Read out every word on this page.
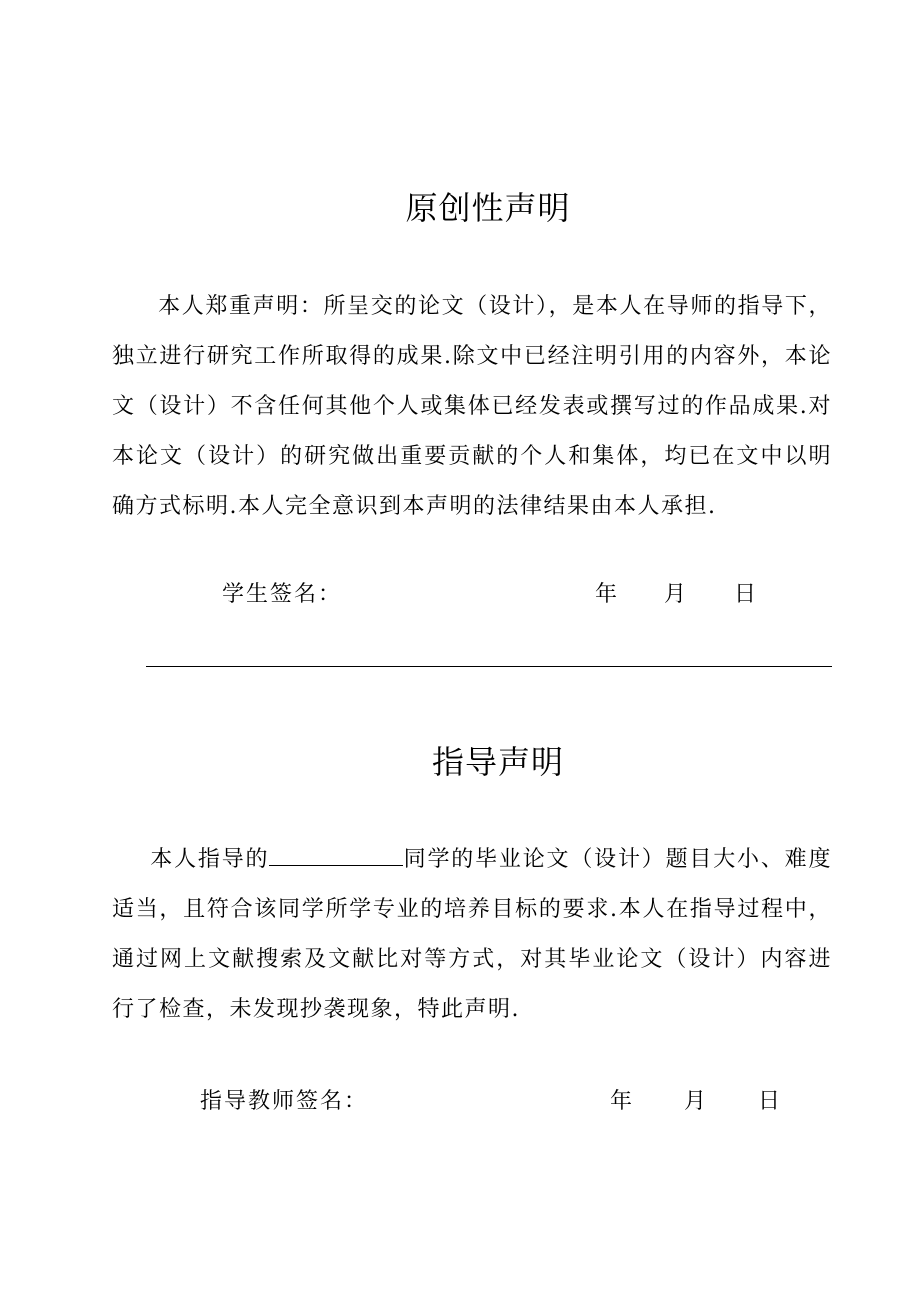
原创性声明
本人郑重声明：所呈交的论文（设计），是本人在导师的指导下，独立进行研究工作所取得的成果.除文中已经注明引用的内容外，本论文（设计）不含任何其他个人或集体已经发表或撰写过的作品成果.对本论文（设计）的研究做出重要贡献的个人和集体，均已在文中以明确方式标明.本人完全意识到本声明的法律结果由本人承担.
学生签名：	年 月 日
指导声明
本人指导的	同学的毕业论文（设计）题目大小、难度适当，且符合该同学所学专业的培养目标的要求.本人在指导过程中，通过网上文献搜索及文献比对等方式，对其毕业论文（设计）内容进行了检查，未发现抄袭现象，特此声明.
指导教师签名：	年 月 日
